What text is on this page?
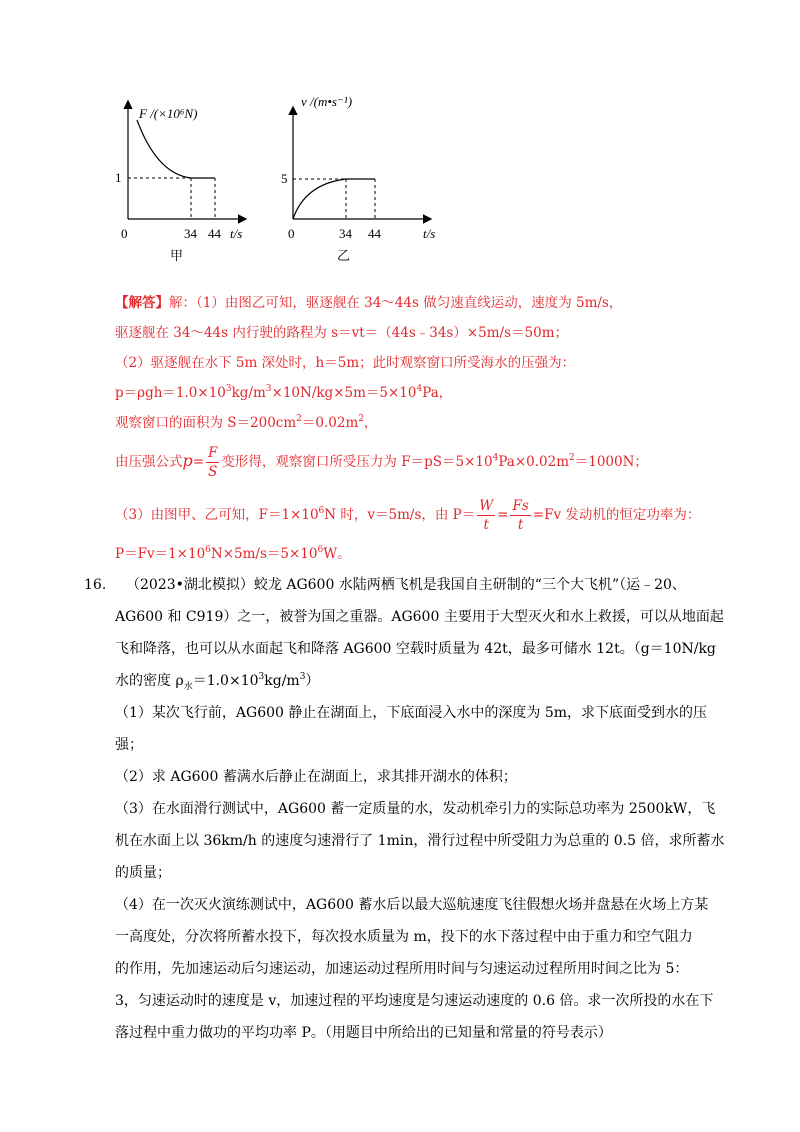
F /(×10⁶N)
1
0	34 44 t/s
甲
v /(m•s⁻¹)
5
0	34 44	t/s
乙
【解答】解：（1）由图乙可知，驱逐舰在 34～44s 做匀速直线运动，速度为 5m/s，
驱逐舰在 34～44s 内行驶的路程为 s＝vt＝（44s﹣34s）×5m/s＝50m；
（2）驱逐舰在水下 5m 深处时，h＝5m；此时观察窗口所受海水的压强为：
$p=\rho gh=1.0\times 10^3kg/m^3\times 10N/kg\times 5m=5\times 10^4Pa$，
观察窗口的面积为 $S=200cm^2=0.02m^2$，
由压强公式$p= \frac{F}{S}$ 变形得，观察窗口所受压力为 $F=pS=5\times 10^4Pa\times 0.02m^2=1000N$；
（3）由图甲、乙可知，$F=1\times 10^6N$ 时，v＝5m/s，由 $P= \frac{W}{t} = \frac{Fs}{t} =Fv$ 发动机的恒定功率为：
$P=Fv=1\times 10^6N\times 5m/s=5\times 10^6W$。
16. （2023•湖北模拟）蛟龙 AG600 水陆两栖飞机是我国自主研制的“三个大飞机”（运﹣20、
AG600 和 C919）之一，被誉为国之重器。AG600 主要用于大型灭火和水上救援，可以从地面起
飞和降落，也可以从水面起飞和降落 AG600 空载时质量为 42t，最多可储水 12t。（g＝10N/kg
水的密度 $\rho_水=1.0\times 10^3kg/m^3$）
（1）某次飞行前，AG600 静止在湖面上，下底面浸入水中的深度为 5m，求下底面受到水的压
强；
（2）求 AG600 蓄满水后静止在湖面上，求其排开湖水的体积；
（3）在水面滑行测试中，AG600 蓄一定质量的水，发动机牵引力的实际总功率为 2500kW，飞
机在水面上以 36km/h 的速度匀速滑行了 1min，滑行过程中所受阻力为总重的 0.5 倍，求所蓄水
的质量；
（4）在一次灭火演练测试中，AG600 蓄水后以最大巡航速度飞往假想火场并盘悬在火场上方某
一高度处，分次将所蓄水投下，每次投水质量为 m，投下的水下落过程中由于重力和空气阻力
的作用，先加速运动后匀速运动，加速运动过程所用时间与匀速运动过程所用时间之比为 5：
3，匀速运动时的速度是 v，加速过程的平均速度是匀速运动速度的 0.6 倍。求一次所投的水在下
落过程中重力做功的平均功率 P。（用题目中所给出的已知量和常量的符号表示）
